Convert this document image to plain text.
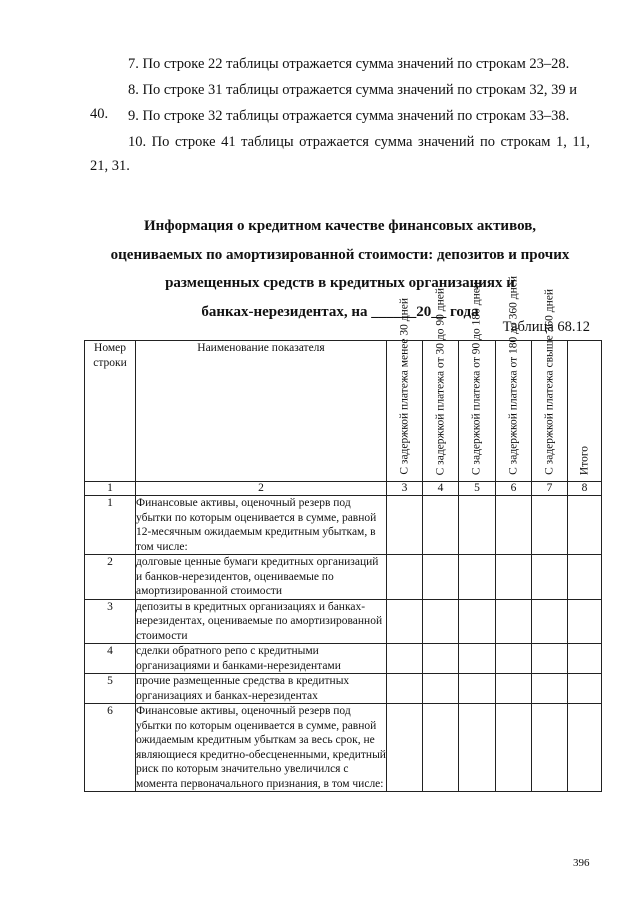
7. По строке 22 таблицы отражается сумма значений по строкам 23–28.

8. По строке 31 таблицы отражается сумма значений по строкам 32, 39 и 40.	9. По строке 32 таблицы отражается сумма значений по строкам 33–38.

10. По строке 41 таблицы отражается сумма значений по строкам 1, 11, 21, 31.

Информация о кредитном качестве финансовых активов,
оцениваемых по амортизированной стоимости: депозитов и прочих
размещенных средств в кредитных организациях и
банках-нерезидентах, на ______20__ года
Таблица 68.12
Номер строки	Наименование показателя	С задержкой платежа менее 30 дней	С задержкой платежа от 30 до 90 дней	С задержкой платежа от 90 до 180 дней	С задержкой платежа от 180 до 360 дней	С задержкой платежа свыше 360 дней	Итого

1	2	3	4	5	6	7	8
1	Финансовые активы, оценочный резерв под убытки по которым оценивается в сумме, равной 12-месячным ожидаемым кредитным убыткам, в том числе:						
2	долговые ценные бумаги кредитных организаций и банков-нерезидентов, оцениваемые по амортизированной стоимости						
3	депозиты в кредитных организациях и банках-нерезидентах, оцениваемые по амортизированной стоимости						
4	сделки обратного репо с кредитными организациями и банками-нерезидентами						
5	прочие размещенные средства в кредитных организациях и банках-нерезидентах						
6	Финансовые активы, оценочный резерв под убытки по которым оценивается в сумме, равной ожидаемым кредитным убыткам за весь срок, не являющиеся кредитно-обесцененными, кредитный риск по которым значительно увеличился с момента первоначального признания, в том числе:						
396
